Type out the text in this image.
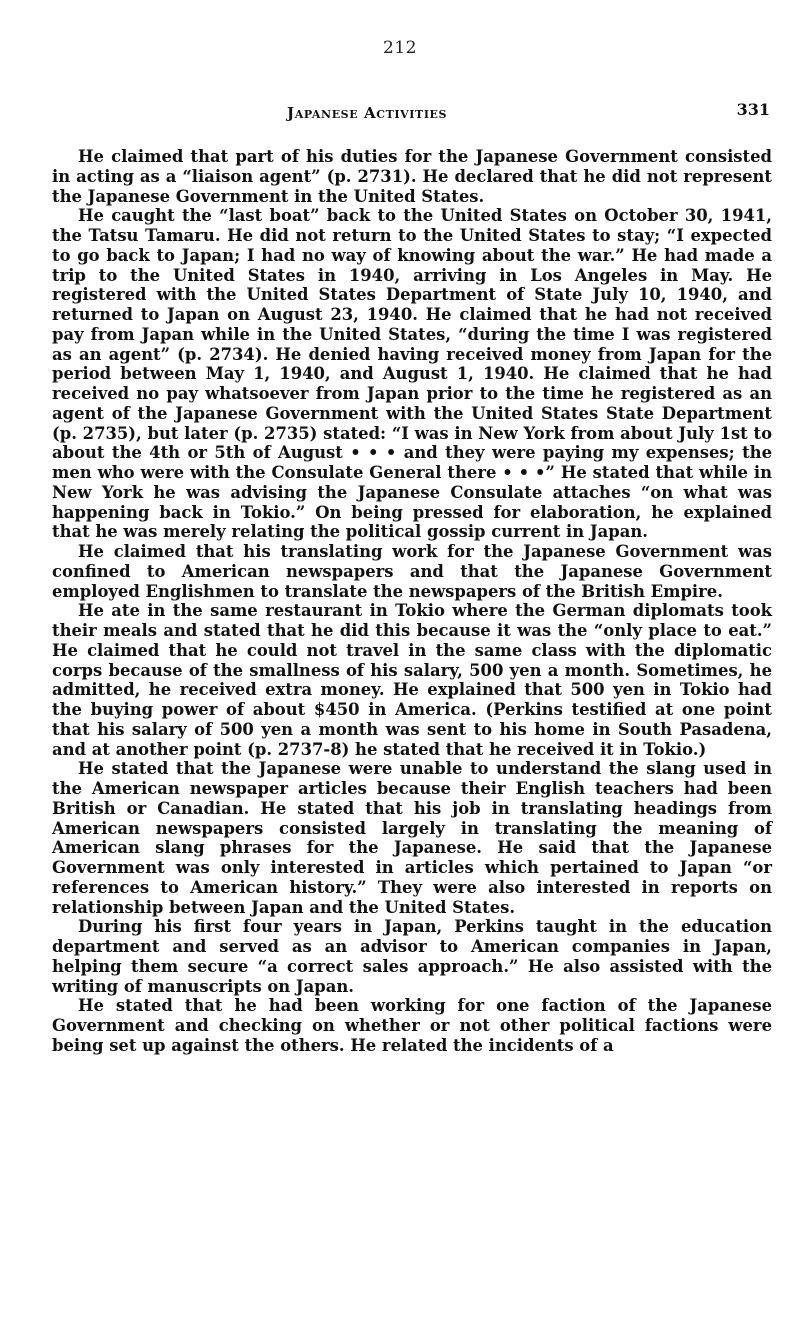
212
Japanese Activities	331

He claimed that part of his duties for the Japanese Government consisted in acting as a “liaison agent” (p. 2731). He declared that he did not represent the Japanese Government in the United States.

He caught the “last boat” back to the United States on October 30, 1941, the Tatsu Tamaru. He did not return to the United States to stay; “I expected to go back to Japan; I had no way of knowing about the war.” He had made a trip to the United States in 1940, arriving in Los Angeles in May. He registered with the United States Department of State July 10, 1940, and returned to Japan on August 23, 1940. He claimed that he had not received pay from Japan while in the United States, “during the time I was registered as an agent” (p. 2734). He denied having received money from Japan for the period between May 1, 1940, and August 1, 1940. He claimed that he had received no pay whatsoever from Japan prior to the time he registered as an agent of the Japanese Government with the United States State Department (p. 2735), but later (p. 2735) stated: “I was in New York from about July 1st to about the 4th or 5th of August • • • and they were paying my expenses; the men who were with the Consulate General there • • •” He stated that while in New York he was advising the Japanese Consulate attaches “on what was happening back in Tokio.” On being pressed for elaboration, he explained that he was merely relating the political gossip current in Japan.

He claimed that his translating work for the Japanese Government was confined to American newspapers and that the Japanese Government employed Englishmen to translate the newspapers of the British Empire.

He ate in the same restaurant in Tokio where the German diplomats took their meals and stated that he did this because it was the “only place to eat.” He claimed that he could not travel in the same class with the diplomatic corps because of the smallness of his salary, 500 yen a month. Sometimes, he admitted, he received extra money. He explained that 500 yen in Tokio had the buying power of about $450 in America. (Perkins testified at one point that his salary of 500 yen a month was sent to his home in South Pasadena, and at another point (p. 2737-8) he stated that he received it in Tokio.)

He stated that the Japanese were unable to understand the slang used in the American newspaper articles because their English teachers had been British or Canadian. He stated that his job in translating headings from American newspapers consisted largely in translating the meaning of American slang phrases for the Japanese. He said that the Japanese Government was only interested in articles which pertained to Japan “or references to American history.” They were also interested in reports on relationship between Japan and the United States.

During his first four years in Japan, Perkins taught in the education department and served as an advisor to American companies in Japan, helping them secure “a correct sales approach.” He also assisted with the writing of manuscripts on Japan.

He stated that he had been working for one faction of the Japanese Government and checking on whether or not other political factions were being set up against the others. He related the incidents of a
